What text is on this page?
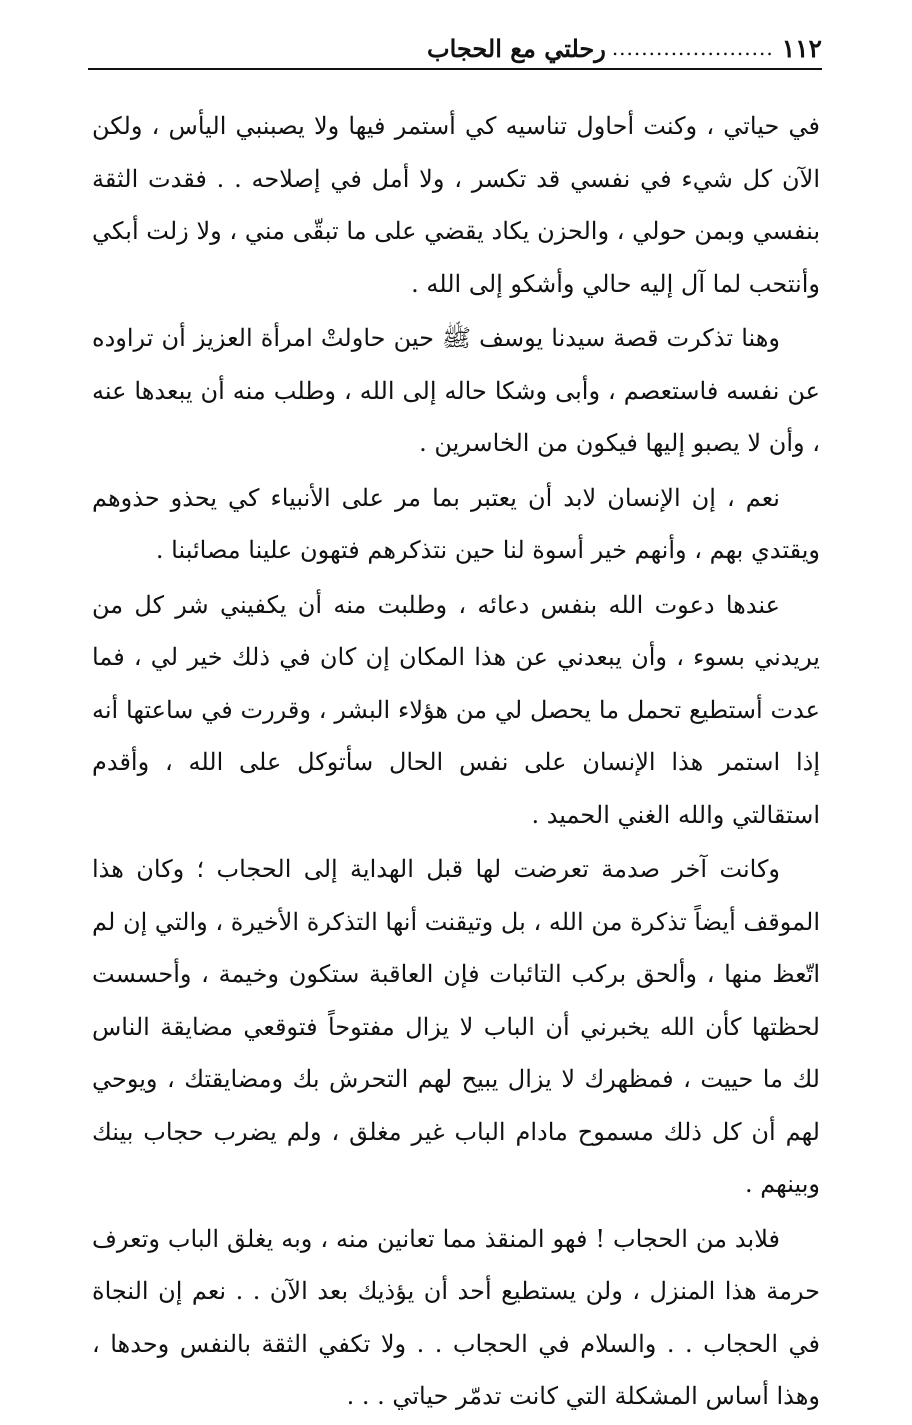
١١٢
......................
رحلتي مع الحجاب

في حياتي ، وكنت أحاول تناسيه كي أستمر فيها ولا يصبنبي اليأس ، ولكن الآن كل شيء في نفسي قد تكسر ، ولا أمل في إصلاحه . . فقدت الثقة بنفسي وبمن حولي ، والحزن يكاد يقضي على ما تبقّى مني ، ولا زلت أبكي وأنتحب لما آل إليه حالي وأشكو إلى الله .

وهنا تذكرت قصة سيدنا يوسف ﷺ حين حاولتْ امرأة العزيز أن تراوده عن نفسه فاستعصم ، وأبى وشكا حاله إلى الله ، وطلب منه أن يبعدها عنه ، وأن لا يصبو إليها فيكون من الخاسرين .

نعم ، إن الإنسان لابد أن يعتبر بما مر على الأنبياء كي يحذو حذوهم ويقتدي بهم ، وأنهم خير أسوة لنا حين نتذكرهم فتهون علينا مصائبنا .

عندها دعوت الله بنفس دعائه ، وطلبت منه أن يكفيني شر كل من يريدني بسوء ، وأن يبعدني عن هذا المكان إن كان في ذلك خير لي ، فما عدت أستطيع تحمل ما يحصل لي من هؤلاء البشر ، وقررت في ساعتها أنه إذا استمر هذا الإنسان على نفس الحال سأتوكل على الله ، وأقدم استقالتي والله الغني الحميد .

وكانت آخر صدمة تعرضت لها قبل الهداية إلى الحجاب ؛ وكان هذا الموقف أيضاً تذكرة من الله ، بل وتيقنت أنها التذكرة الأخيرة ، والتي إن لم اتّعظ منها ، وألحق بركب التائبات فإن العاقبة ستكون وخيمة ، وأحسست لحظتها كأن الله يخبرني أن الباب لا يزال مفتوحاً فتوقعي مضايقة الناس لك ما حييت ، فمظهرك لا يزال يبيح لهم التحرش بك ومضايقتك ، ويوحي لهم أن كل ذلك مسموح مادام الباب غير مغلق ، ولم يضرب حجاب بينك وبينهم .

فلابد من الحجاب ! فهو المنقذ مما تعانين منه ، وبه يغلق الباب وتعرف حرمة هذا المنزل ، ولن يستطيع أحد أن يؤذيك بعد الآن . . نعم إن النجاة في الحجاب . . والسلام في الحجاب . . ولا تكفي الثقة بالنفس وحدها ، وهذا أساس المشكلة التي كانت تدمّر حياتي . . .
